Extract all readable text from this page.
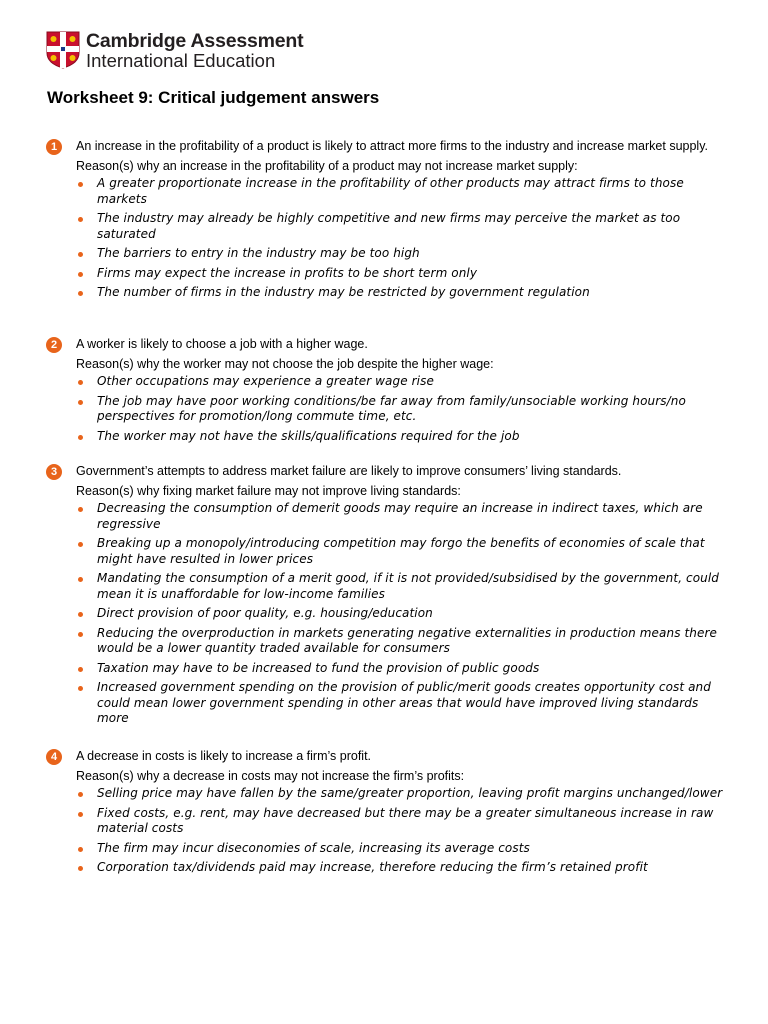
Cambridge Assessment
International Education
Worksheet 9: Critical judgement answers
1	An increase in the profitability of a product is likely to attract more firms to the industry and increase market supply.
Reason(s) why an increase in the profitability of a product may not increase market supply:
A greater proportionate increase in the profitability of other products may attract firms to those markets
The industry may already be highly competitive and new firms may perceive the market as too saturated
The barriers to entry in the industry may be too high
Firms may expect the increase in profits to be short term only
The number of firms in the industry may be restricted by government regulation
2	A worker is likely to choose a job with a higher wage.
Reason(s) why the worker may not choose the job despite the higher wage:
Other occupations may experience a greater wage rise
The job may have poor working conditions/be far away from family/unsociable working hours/no perspectives for promotion/long commute time, etc.
The worker may not have the skills/qualifications required for the job
3	Government’s attempts to address market failure are likely to improve consumers’ living standards.
Reason(s) why fixing market failure may not improve living standards:
Decreasing the consumption of demerit goods may require an increase in indirect taxes, which are regressive
Breaking up a monopoly/introducing competition may forgo the benefits of economies of scale that might have resulted in lower prices
Mandating the consumption of a merit good, if it is not provided/subsidised by the government, could mean it is unaffordable for low-income families
Direct provision of poor quality, e.g. housing/education
Reducing the overproduction in markets generating negative externalities in production means there would be a lower quantity traded available for consumers
Taxation may have to be increased to fund the provision of public goods
Increased government spending on the provision of public/merit goods creates opportunity cost and could mean lower government spending in other areas that would have improved living standards more
4	A decrease in costs is likely to increase a firm’s profit.
Reason(s) why a decrease in costs may not increase the firm’s profits:
Selling price may have fallen by the same/greater proportion, leaving profit margins unchanged/lower
Fixed costs, e.g. rent, may have decreased but there may be a greater simultaneous increase in raw material costs
The firm may incur diseconomies of scale, increasing its average costs
Corporation tax/dividends paid may increase, therefore reducing the firm’s retained profit
